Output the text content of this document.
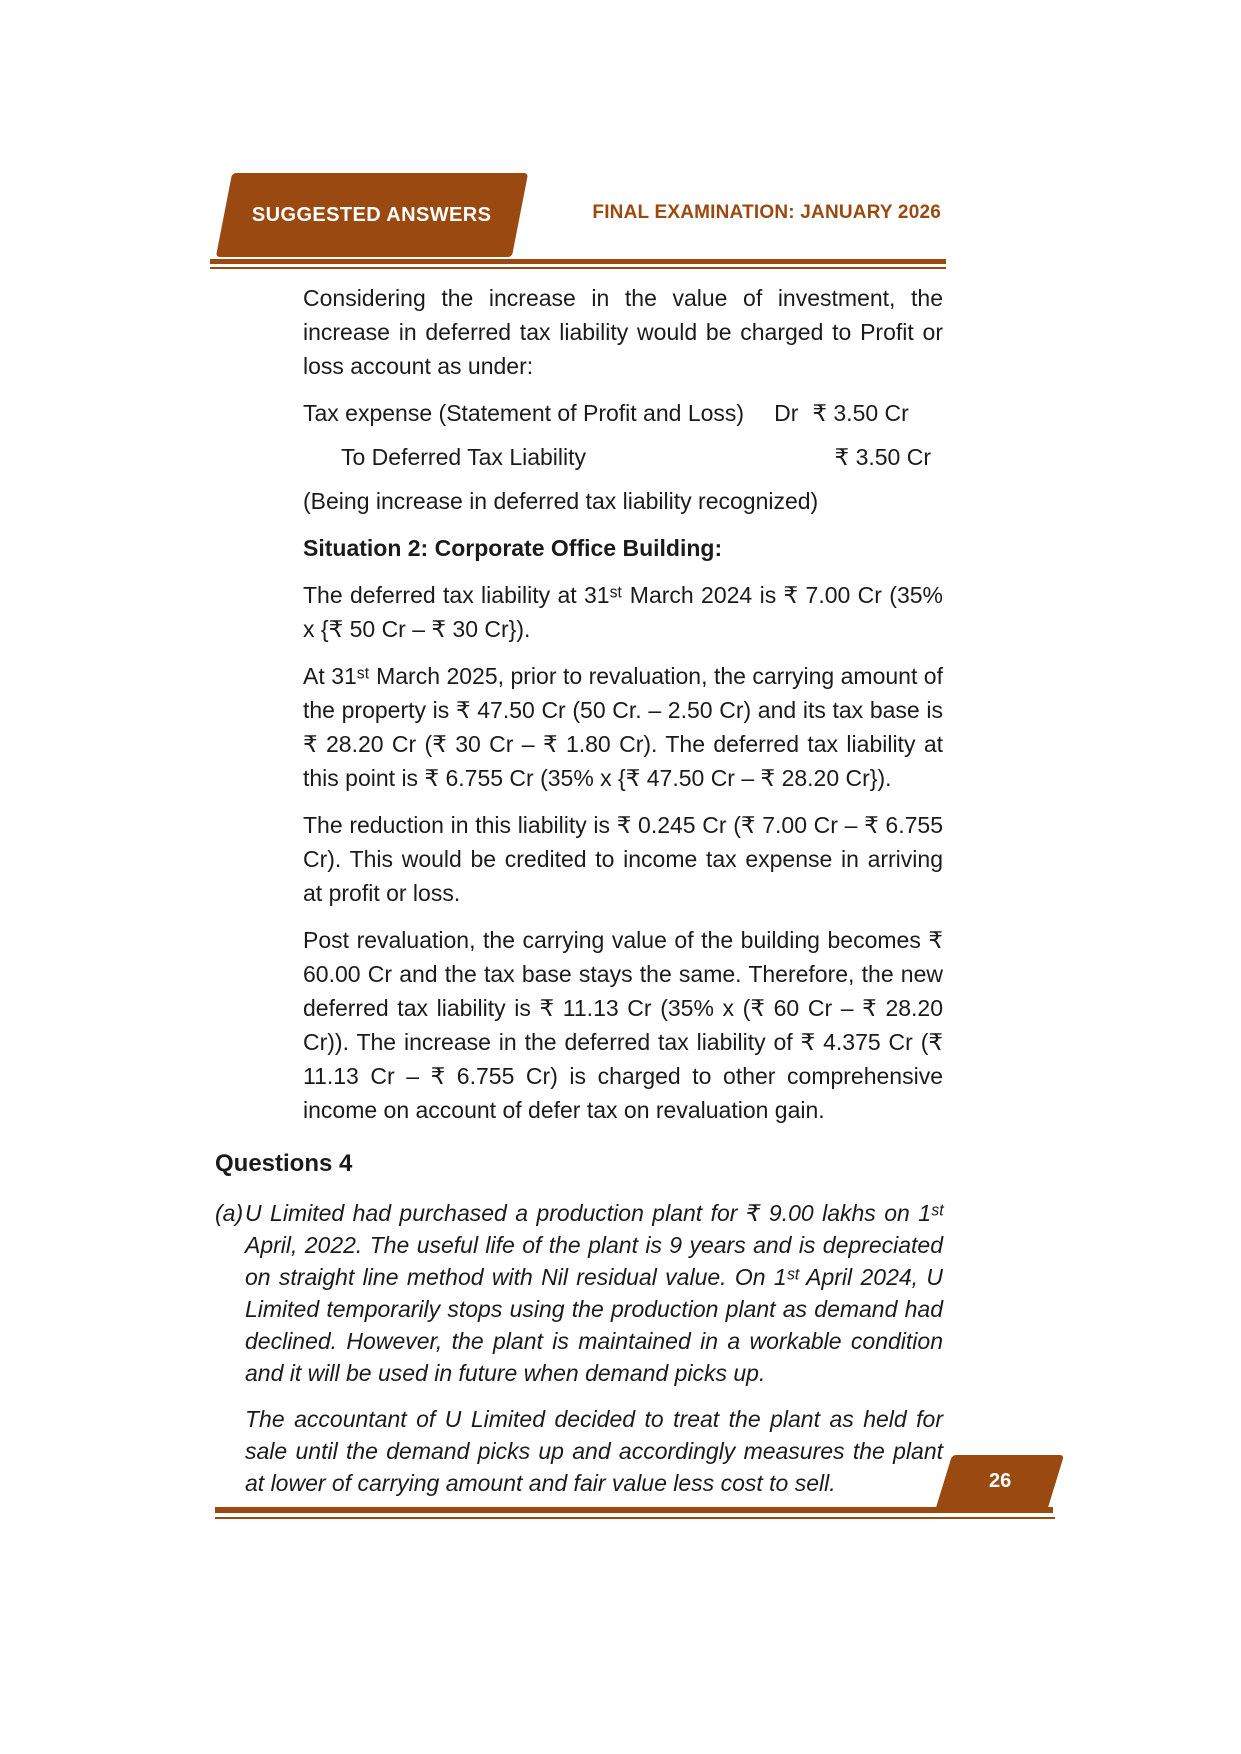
SUGGESTED ANSWERS	FINAL EXAMINATION: JANUARY 2026

Considering the increase in the value of investment, the increase in deferred tax liability would be charged to Profit or loss account as under:

Tax expense (Statement of Profit and Loss) Dr ₹ 3.50 Cr
To Deferred Tax Liability	₹ 3.50 Cr

(Being increase in deferred tax liability recognized)

Situation 2: Corporate Office Building:

The deferred tax liability at 31ˢᵗ March 2024 is ₹ 7.00 Cr (35% x {₹ 50 Cr – ₹ 30 Cr}).

At 31ˢᵗ March 2025, prior to revaluation, the carrying amount of the property is ₹ 47.50 Cr (50 Cr. – 2.50 Cr) and its tax base is ₹ 28.20 Cr (₹ 30 Cr – ₹ 1.80 Cr). The deferred tax liability at this point is ₹ 6.755 Cr (35% x {₹ 47.50 Cr – ₹ 28.20 Cr}).

The reduction in this liability is ₹ 0.245 Cr (₹ 7.00 Cr – ₹ 6.755 Cr). This would be credited to income tax expense in arriving at profit or loss.

Post revaluation, the carrying value of the building becomes ₹ 60.00 Cr and the tax base stays the same. Therefore, the new deferred tax liability is ₹ 11.13 Cr (35% x (₹ 60 Cr – ₹ 28.20 Cr)). The increase in the deferred tax liability of ₹ 4.375 Cr (₹ 11.13 Cr – ₹ 6.755 Cr) is charged to other comprehensive income on account of defer tax on revaluation gain.

Questions 4
(a) U Limited had purchased a production plant for ₹ 9.00 lakhs on 1ˢᵗ April, 2022. The useful life of the plant is 9 years and is depreciated on straight line method with Nil residual value. On 1ˢᵗ April 2024, U Limited temporarily stops using the production plant as demand had declined. However, the plant is maintained in a workable condition and it will be used in future when demand picks up.

The accountant of U Limited decided to treat the plant as held for sale until the demand picks up and accordingly measures the plant at lower of carrying amount and fair value less cost to sell.	26
